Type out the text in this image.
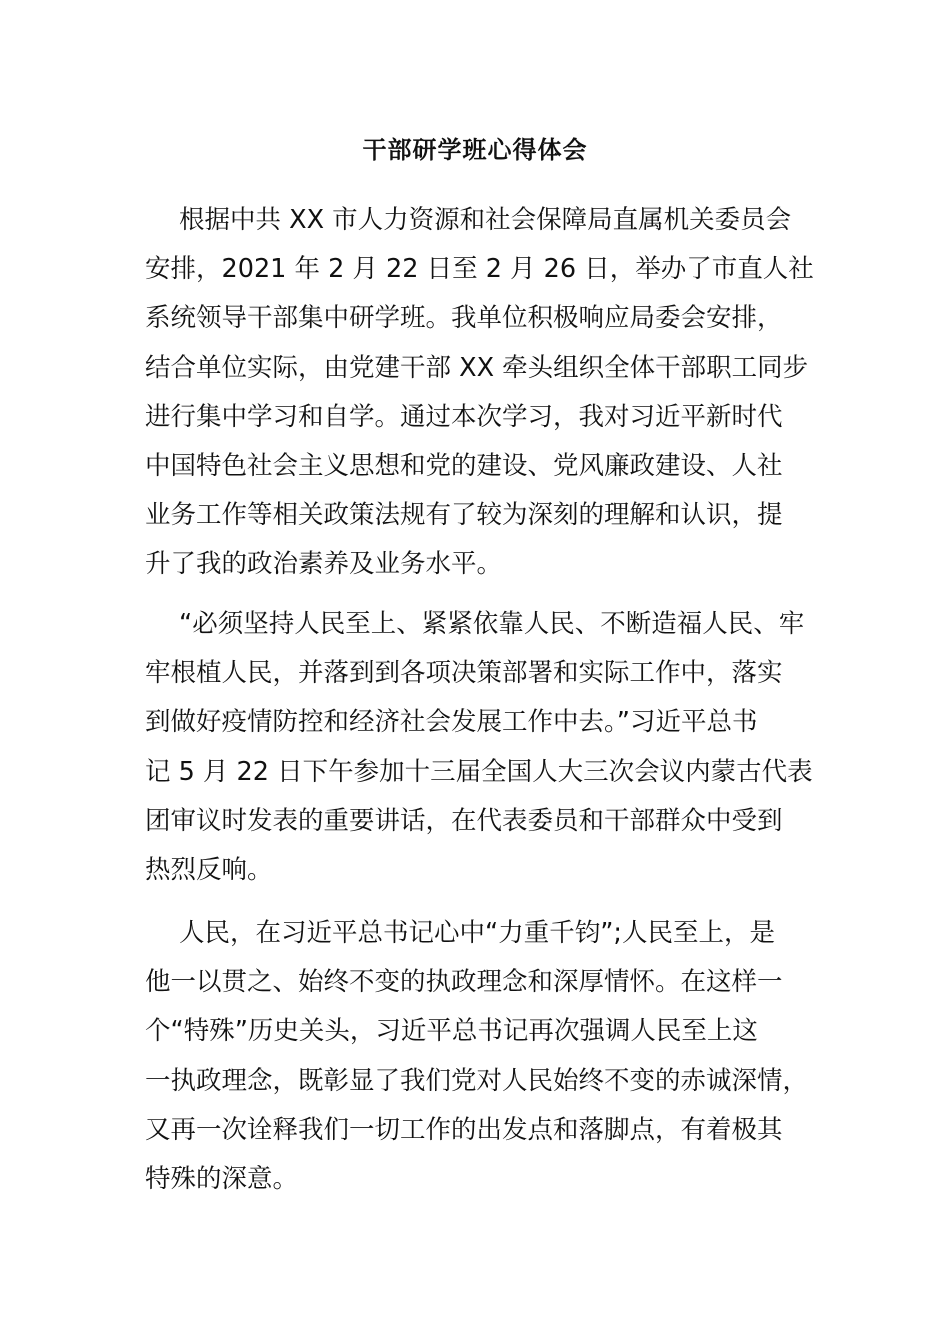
干部研学班心得体会

根据中共 XX 市人力资源和社会保障局直属机关委员会
安排，2021 年 2 月 22 日至 2 月 26 日，举办了市直人社
系统领导干部集中研学班。我单位积极响应局委会安排，
结合单位实际，由党建干部 XX 牵头组织全体干部职工同步
进行集中学习和自学。通过本次学习，我对习近平新时代
中国特色社会主义思想和党的建设、党风廉政建设、人社
业务工作等相关政策法规有了较为深刻的理解和认识，提
升了我的政治素养及业务水平。

“必须坚持人民至上、紧紧依靠人民、不断造福人民、牢
牢根植人民，并落到到各项决策部署和实际工作中，落实
到做好疫情防控和经济社会发展工作中去。”习近平总书
记 5 月 22 日下午参加十三届全国人大三次会议内蒙古代表
团审议时发表的重要讲话，在代表委员和干部群众中受到
热烈反响。

人民，在习近平总书记心中“力重千钧”;人民至上，是
他一以贯之、始终不变的执政理念和深厚情怀。在这样一
个“特殊”历史关头，习近平总书记再次强调人民至上这
一执政理念，既彰显了我们党对人民始终不变的赤诚深情，
又再一次诠释我们一切工作的出发点和落脚点，有着极其
特殊的深意。
